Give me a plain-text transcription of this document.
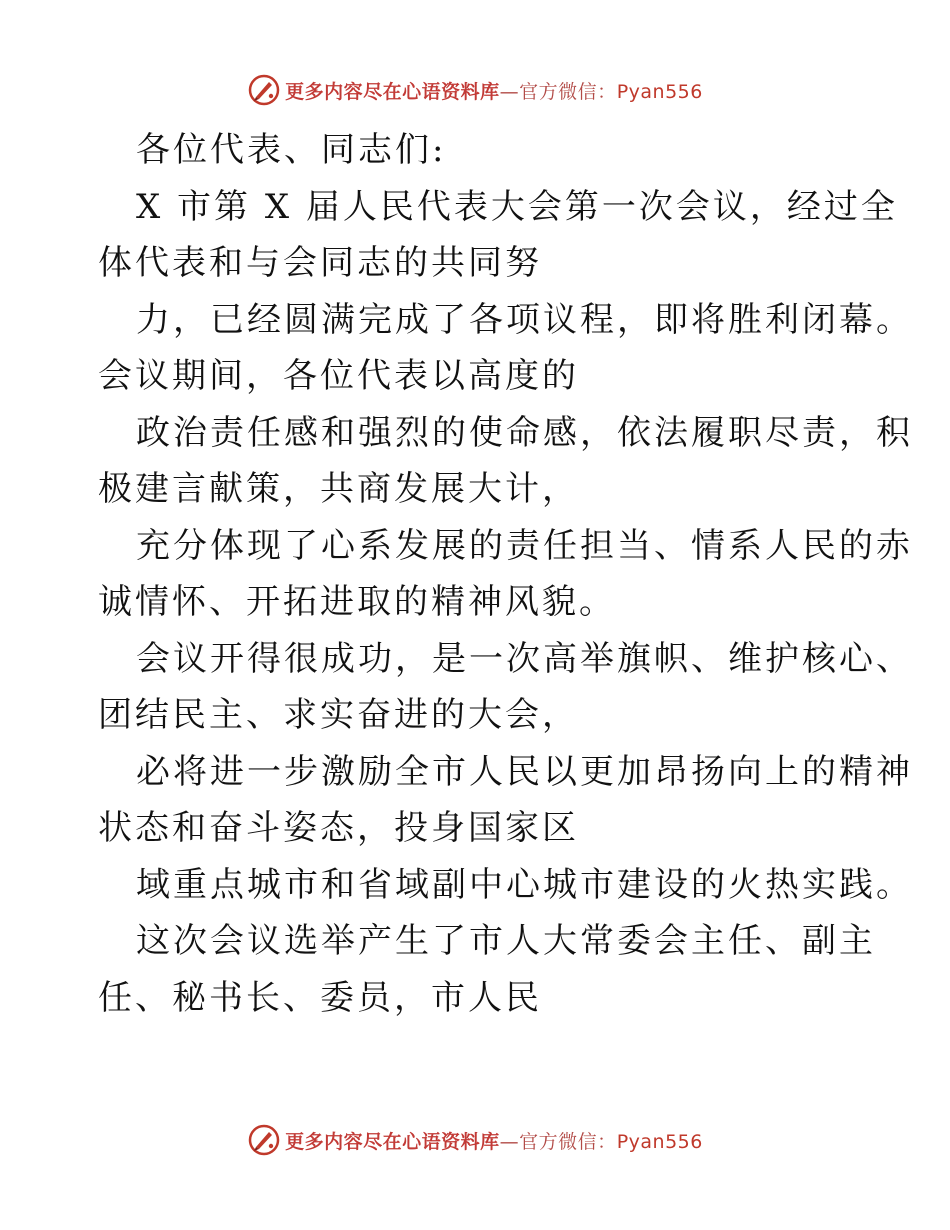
更多内容尽在心语资料库—官方微信：Pyan556

各位代表、同志们:

X 市第 X 届人民代表大会第一次会议，经过全

体代表和与会同志的共同努

力，已经圆满完成了各项议程，即将胜利闭幕。

会议期间，各位代表以高度的

政治责任感和强烈的使命感，依法履职尽责，积

极建言献策，共商发展大计，

充分体现了心系发展的责任担当、情系人民的赤

诚情怀、开拓进取的精神风貌。

会议开得很成功，是一次高举旗帜、维护核心、

团结民主、求实奋进的大会，

必将进一步激励全市人民以更加昂扬向上的精神

状态和奋斗姿态，投身国家区

域重点城市和省域副中心城市建设的火热实践。

这次会议选举产生了市人大常委会主任、副主

任、秘书长、委员，市人民

更多内容尽在心语资料库—官方微信：Pyan556
